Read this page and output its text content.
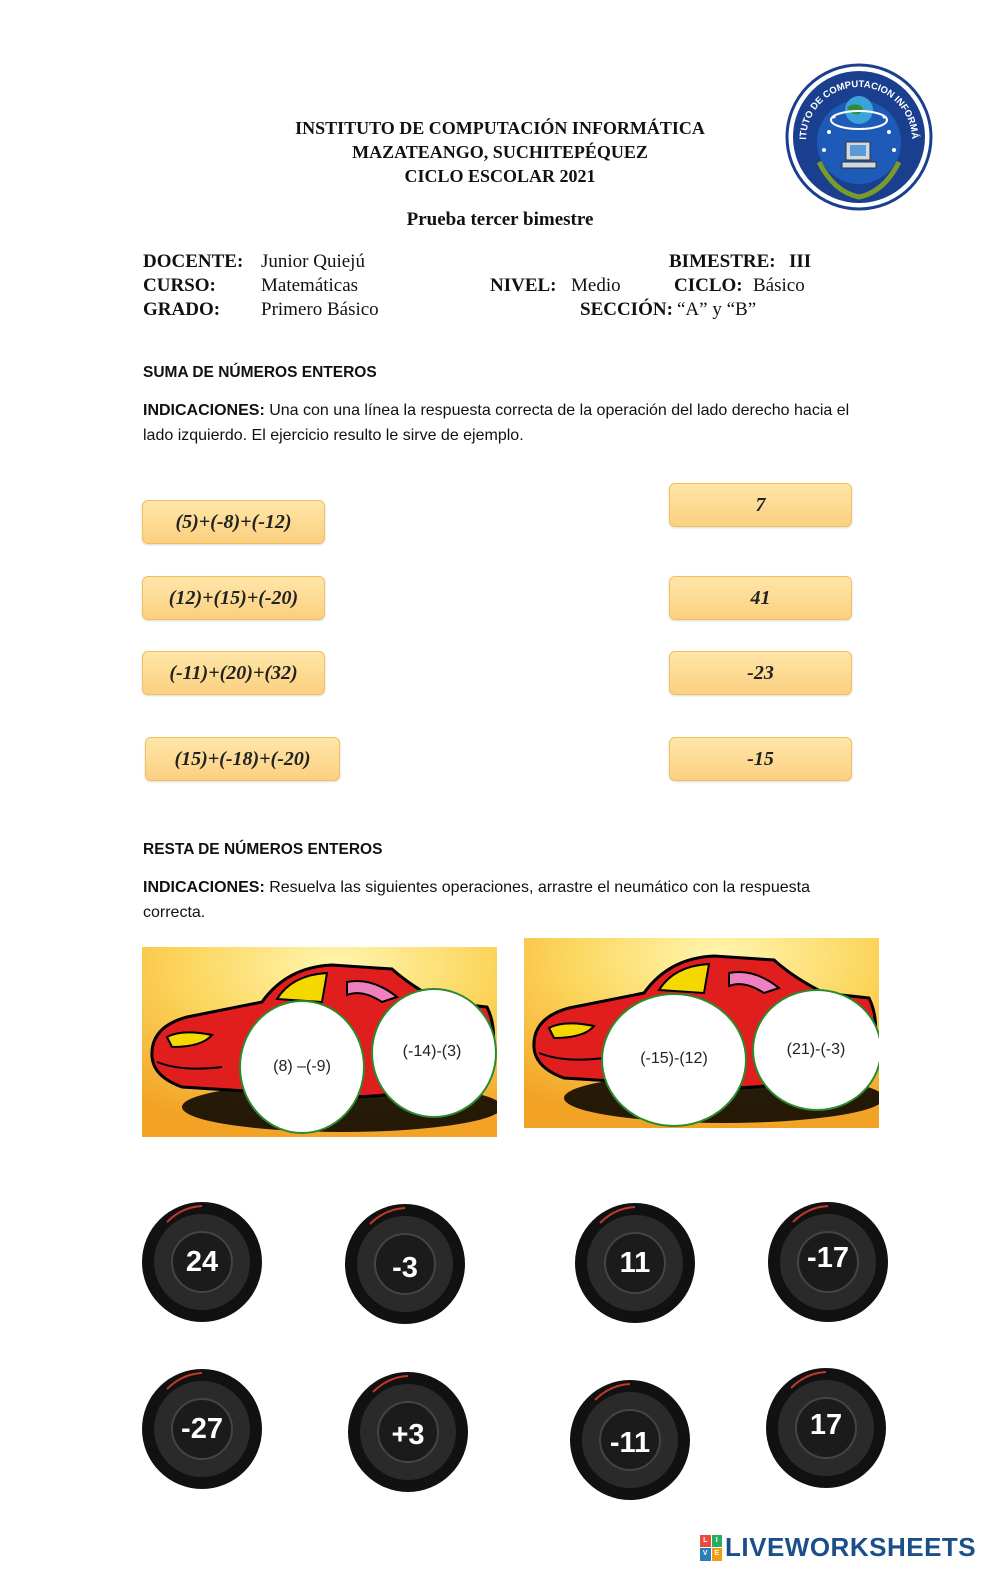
INSTITUTO DE COMPUTACIÓN INFORMÁTICA
MAZATEANGO, SUCHITEPÉQUEZ
CICLO ESCOLAR 2021
Prueba tercer bimestre
ITUTO DE COMPUTACION INFORMÁ
DOCENTE: Junior Quiejú
CURSO: Matemáticas
GRADO: Primero Básico
BIMESTRE: III
NIVEL: Medio	CICLO: Básico
SECCIÓN: “A” y “B”
SUMA DE NÚMEROS ENTEROS
INDICACIONES: Una con una línea la respuesta correcta de la operación del lado derecho hacia el lado izquierdo. El ejercicio resulto le sirve de ejemplo.
(5)+(-8)+(-12)
(12)+(15)+(-20)
(-11)+(20)+(32)
(15)+(-18)+(-20)
7
41
-23
-15
RESTA DE NÚMEROS ENTEROS
INDICACIONES: Resuelva las siguientes operaciones, arrastre el neumático con la respuesta correcta.
(8) –(-9)
(-14)-(3)	(-15)-(12)
(21)-(-3)
24	-3	11	-17
-27	+3	-11
17
L	I
V E LIVEWORKSHEETS
